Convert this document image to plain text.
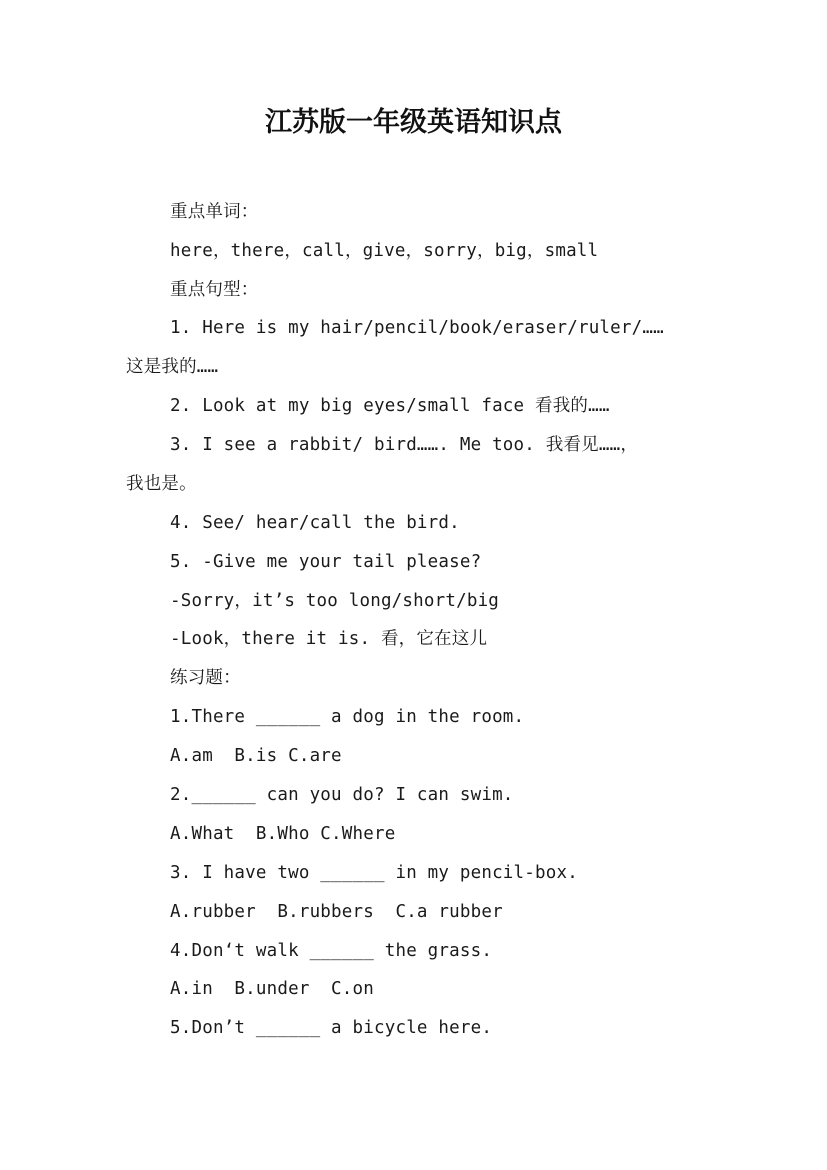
江苏版一年级英语知识点
重点单词：
here，there，call，give，sorry，big，small
重点句型：
1. Here is my hair/pencil/book/eraser/ruler/……
这是我的……
2. Look at my big eyes/small face 看我的……
3. I see a rabbit/ bird……. Me too. 我看见……，
我也是。
4. See/ hear/call the bird.
5. -Give me your tail please?
-Sorry，it’s too long/short/big
-Look，there it is. 看，它在这儿
练习题：
1.There ______ a dog in the room.
A.am  B.is C.are
2.______ can you do? I can swim.
A.What  B.Who C.Where
3. I have two ______ in my pencil-box.
A.rubber  B.rubbers  C.a rubber
4.Don‘t walk ______ the grass.
A.in  B.under  C.on
5.Don’t ______ a bicycle here.
